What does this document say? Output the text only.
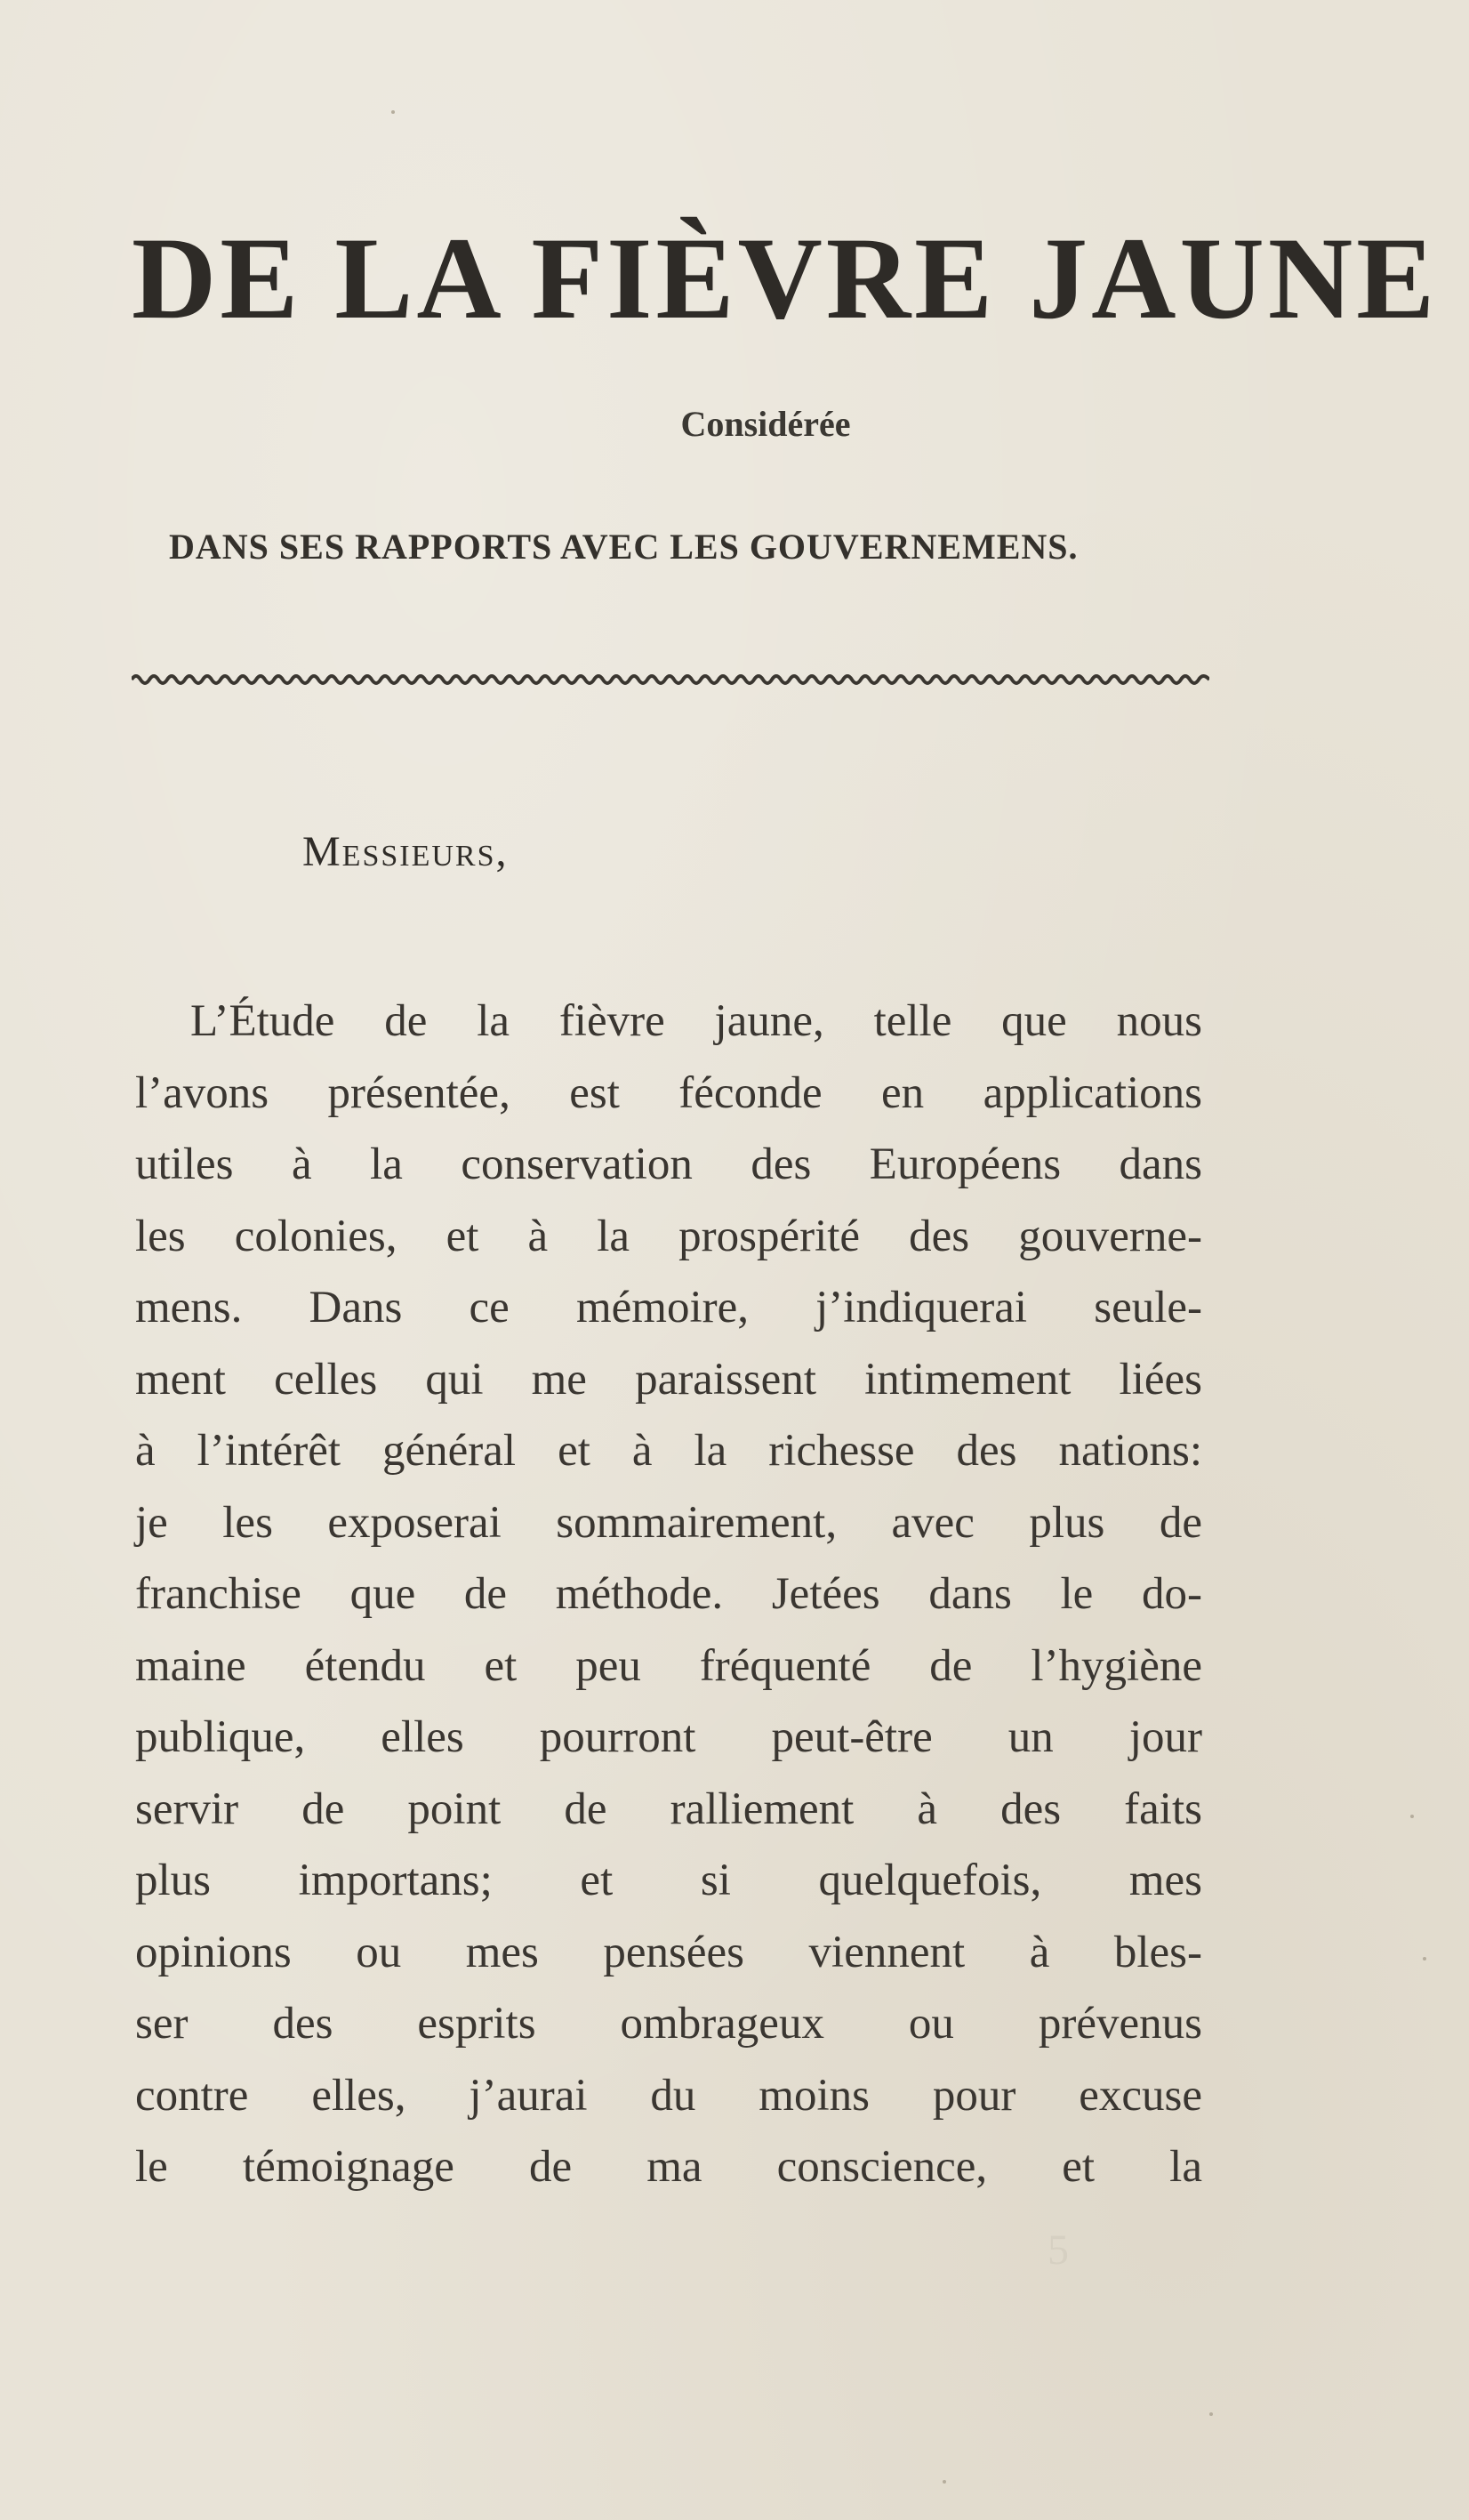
DE LA FIÈVRE JAUNE
Considérée
DANS SES RAPPORTS AVEC LES GOUVERNEMENS.
Messieurs,
L’Étude de la fièvre jaune, telle que nous
l’avons présentée, est féconde en applications
utiles à la conservation des Européens dans
les colonies, et à la prospérité des gouverne-
mens. Dans ce mémoire, j’indiquerai seule-
ment celles qui me paraissent intimement liées
à l’intérêt général et à la richesse des nations:
je les exposerai sommairement, avec plus de
franchise que de méthode. Jetées dans le do-
maine étendu et peu fréquenté de l’hygiène
publique, elles pourront peut-être un jour
servir de point de ralliement à des faits
plus importans; et si quelquefois, mes
opinions ou mes pensées viennent à bles-
ser des esprits ombrageux ou prévenus
contre elles, j’aurai du moins pour excuse
le témoignage de ma conscience, et la
5
